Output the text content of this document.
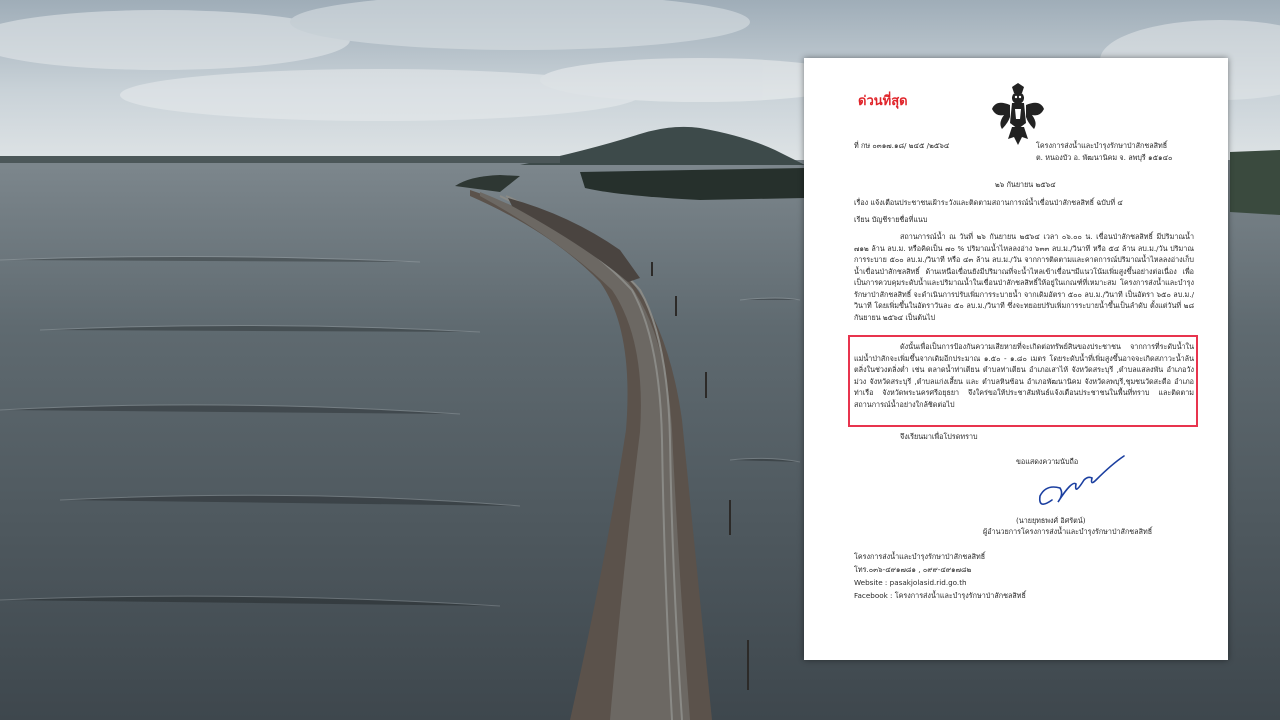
ด่วนที่สุด
ที่ กษ ๐๓๑๗.๑๘/ ๒๔๕ /๒๕๖๔	โครงการส่งน้ำและบำรุงรักษาป่าสักชลสิทธิ์
ต. หนองบัว อ. พัฒนานิคม จ. ลพบุรี ๑๕๑๔๐
๒๖ กันยายน ๒๕๖๔
เรื่อง แจ้งเตือนประชาชนเฝ้าระวังและติดตามสถานการณ์น้ำเขื่อนป่าสักชลสิทธิ์ ฉบับที่ ๔
เรียน บัญชีรายชื่อที่แนบ
สถานการณ์น้ำ ณ วันที่ ๒๖ กันยายน ๒๕๖๔ เวลา ๐๖.๐๐ น. เขื่อนป่าสักชลสิทธิ์ มีปริมาณน้ำ ๗๑๒ ล้าน ลบ.ม. หรือคิดเป็น ๗๐ % ปริมาณน้ำไหลลงอ่าง ๖๓๓ ลบ.ม./วินาที หรือ ๕๔ ล้าน ลบ.ม./วัน ปริมาณการระบาย ๕๐๐ ลบ.ม./วินาที หรือ ๔๓ ล้าน ลบ.ม./วัน จากการติดตามและคาดการณ์ปริมาณน้ำไหลลงอ่างเก็บน้ำเขื่อนป่าสักชลสิทธิ์ ด้านเหนือเขื่อนยังมีปริมาณที่จะน้ำไหลเข้าเขื่อนฯมีแนวโน้มเพิ่มสูงขึ้นอย่างต่อเนื่อง เพื่อเป็นการควบคุมระดับน้ำและปริมาณน้ำในเขื่อนป่าสักชลสิทธิ์ให้อยู่ในเกณฑ์ที่เหมาะสม โครงการส่งน้ำและบำรุงรักษาป่าสักชลสิทธิ์ จะดำเนินการปรับเพิ่มการระบายน้ำ จากเดิมอัตรา ๕๐๐ ลบ.ม./วินาที เป็นอัตรา ๖๕๐ ลบ.ม./วินาที โดยเพิ่มขึ้นในอัตราวันละ ๕๐ ลบ.ม./วินาที ซึ่งจะทยอยปรับเพิ่มการระบายน้ำขึ้นเป็นลำดับ ตั้งแต่วันที่ ๒๘ กันยายน ๒๕๖๔ เป็นต้นไป
ดังนั้นเพื่อเป็นการป้องกันความเสียหายที่จะเกิดต่อทรัพย์สินของประชาชน จากการที่ระดับน้ำในแม่น้ำป่าสักจะเพิ่มขึ้นจากเดิมอีกประมาณ ๑.๕๐ - ๑.๘๐ เมตร โดยระดับน้ำที่เพิ่มสูงขึ้นอาจจะเกิดสภาวะน้ำล้นตลิ่งในช่วงตลิ่งต่ำ เช่น ตลาดน้ำท่าเตียน ตำบลท่าเตียน อำเภอเสาไห้ จังหวัดสระบุรี ,ตำบลแสลงพัน อำเภอวังม่วง จังหวัดสระบุรี ,ตำบลแก่งเสี้ยน และ ตำบลหินซ้อน อำเภอพัฒนานิคม จังหวัดลพบุรี,ชุมชนวัดสะตือ อำเภอท่าเรือ จังหวัดพระนครศรีอยุธยา จึงใคร่ขอให้ประชาสัมพันธ์แจ้งเตือนประชาชนในพื้นที่ทราบ และติดตามสถานการณ์น้ำอย่างใกล้ชิดต่อไป
จึงเรียนมาเพื่อโปรดทราบ
ขอแสดงความนับถือ
(นายยุทธพงศ์ อิศรัตน์)
ผู้อำนวยการโครงการส่งน้ำและบำรุงรักษาป่าสักชลสิทธิ์
โครงการส่งน้ำและบำรุงรักษาป่าสักชลสิทธิ์
โทร.๐๓๖-๔๙๑๗๘๑ , ๐๙๙-๔๙๑๗๘๒
Website : pasakjolasid.rid.go.th
Facebook : โครงการส่งน้ำและบำรุงรักษาป่าสักชลสิทธิ์
